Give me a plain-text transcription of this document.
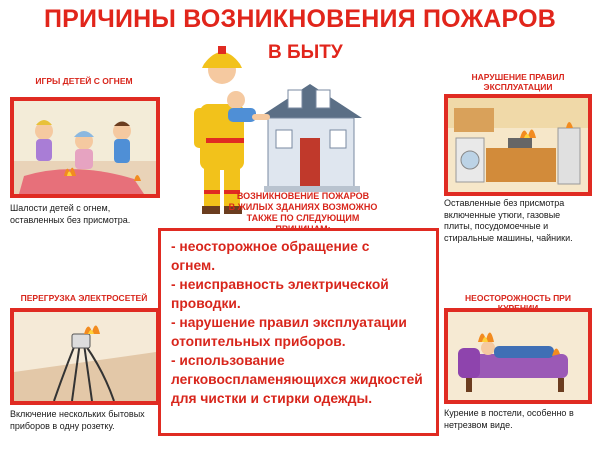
ПРИЧИНЫ ВОЗНИКНОВЕНИЯ ПОЖАРОВ
В БЫТУ
ИГРЫ ДЕТЕЙ С ОГНЕМ
Шалости детей с огнем,
оставленных без присмотра.
НАРУШЕНИЕ ПРАВИЛ ЭКСПЛУАТАЦИИ
Оставленные без присмотра
включенные утюги, газовые
плиты, посудомоечные и
стиральные машины, чайники.
ПЕРЕГРУЗКА ЭЛЕКТРОСЕТЕЙ
Включение нескольких бытовых
приборов в одну розетку.
НЕОСТОРОЖНОСТЬ ПРИ
Курение в постели, особенно в
нетрезвом виде.
ВОЗНИКНОВЕНИЕ ПОЖАРОВ
В ЖИЛЫХ ЗДАНИЯХ ВОЗМОЖНО
ТАКЖЕ ПО СЛЕДУЮЩИМ
- неосторожное обращение с
огнем.
- неисправность электрической
проводки.
- нарушение правил эксплуатации
отопительных приборов.
- использование
легковоспламеняющихся жидкостей
для чистки и стирки одежды.
